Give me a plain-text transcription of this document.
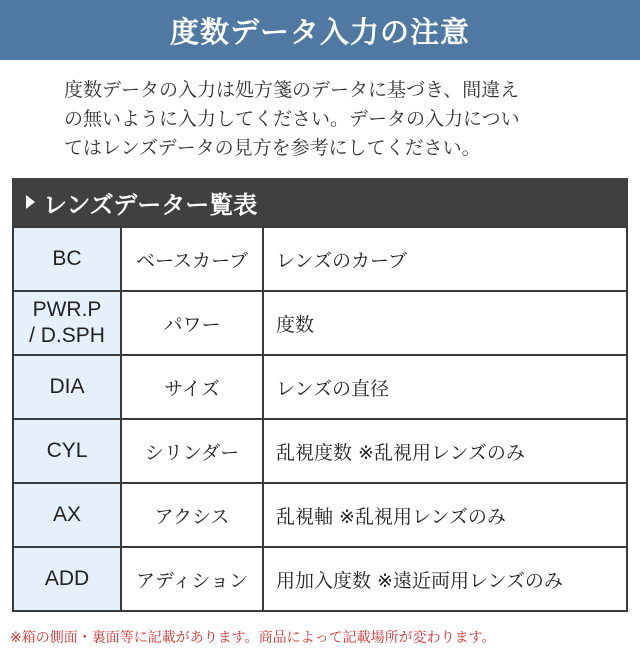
度数データ入力の注意
度数データの入力は処方箋のデータに基づき、間違え
の無いように入力してください。データの入力につい
てはレンズデータの見方を参考にしてください。
レンズデーター覧表
BC	ベースカーブ	レンズのカーブ

PWR.P
/ D.SPH	パワー	度数
DIA	サイズ	レンズの直径
CYL	シリンダー	乱視度数 ※乱視用レンズのみ
AX	アクシス	乱視軸 ※乱視用レンズのみ
ADD	アディション	用加入度数 ※遠近両用レンズのみ
※箱の側面・裏面等に記載があります。商品によって記載場所が変わります。
